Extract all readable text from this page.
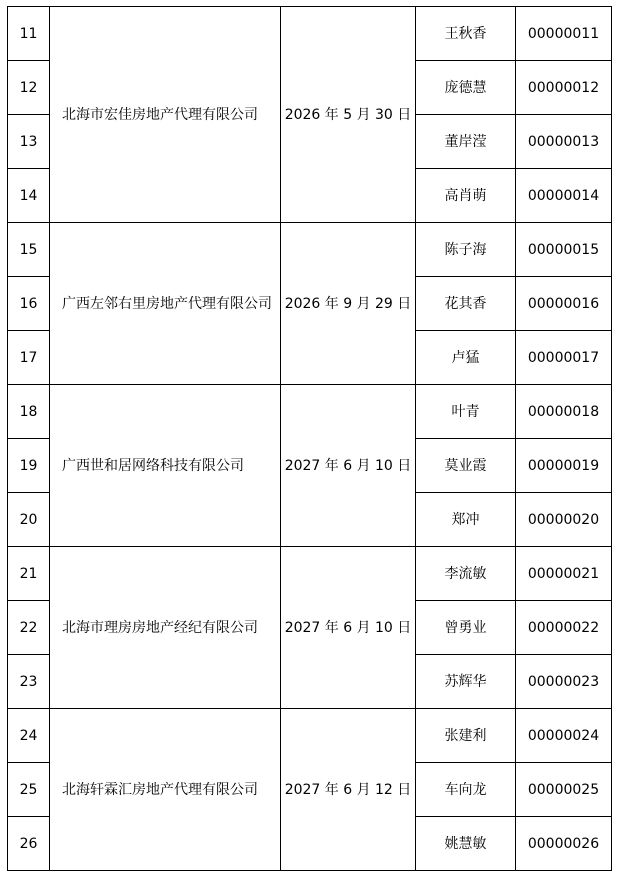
11	北海市宏佳房地产代理有限公司	2026 年 5 月 30 日	王秋香	00000011
12			庞德慧	00000012
13			董岸滢	00000013
14			高肖萌	00000014
15	广西左邻右里房地产代理有限公司	2026 年 9 月 29 日	陈子海	00000015
16			花其香	00000016
17			卢猛	00000017
18	广西世和居网络科技有限公司	2027 年 6 月 10 日	叶青	00000018
19			莫业霞	00000019
20			郑冲	00000020
21	北海市理房房地产经纪有限公司	2027 年 6 月 10 日	李流敏	00000021
22			曾勇业	00000022
23			苏辉华	00000023
24	北海轩霖汇房地产代理有限公司	2027 年 6 月 12 日	张建利	00000024
25			车向龙	00000025
26			姚慧敏	00000026
